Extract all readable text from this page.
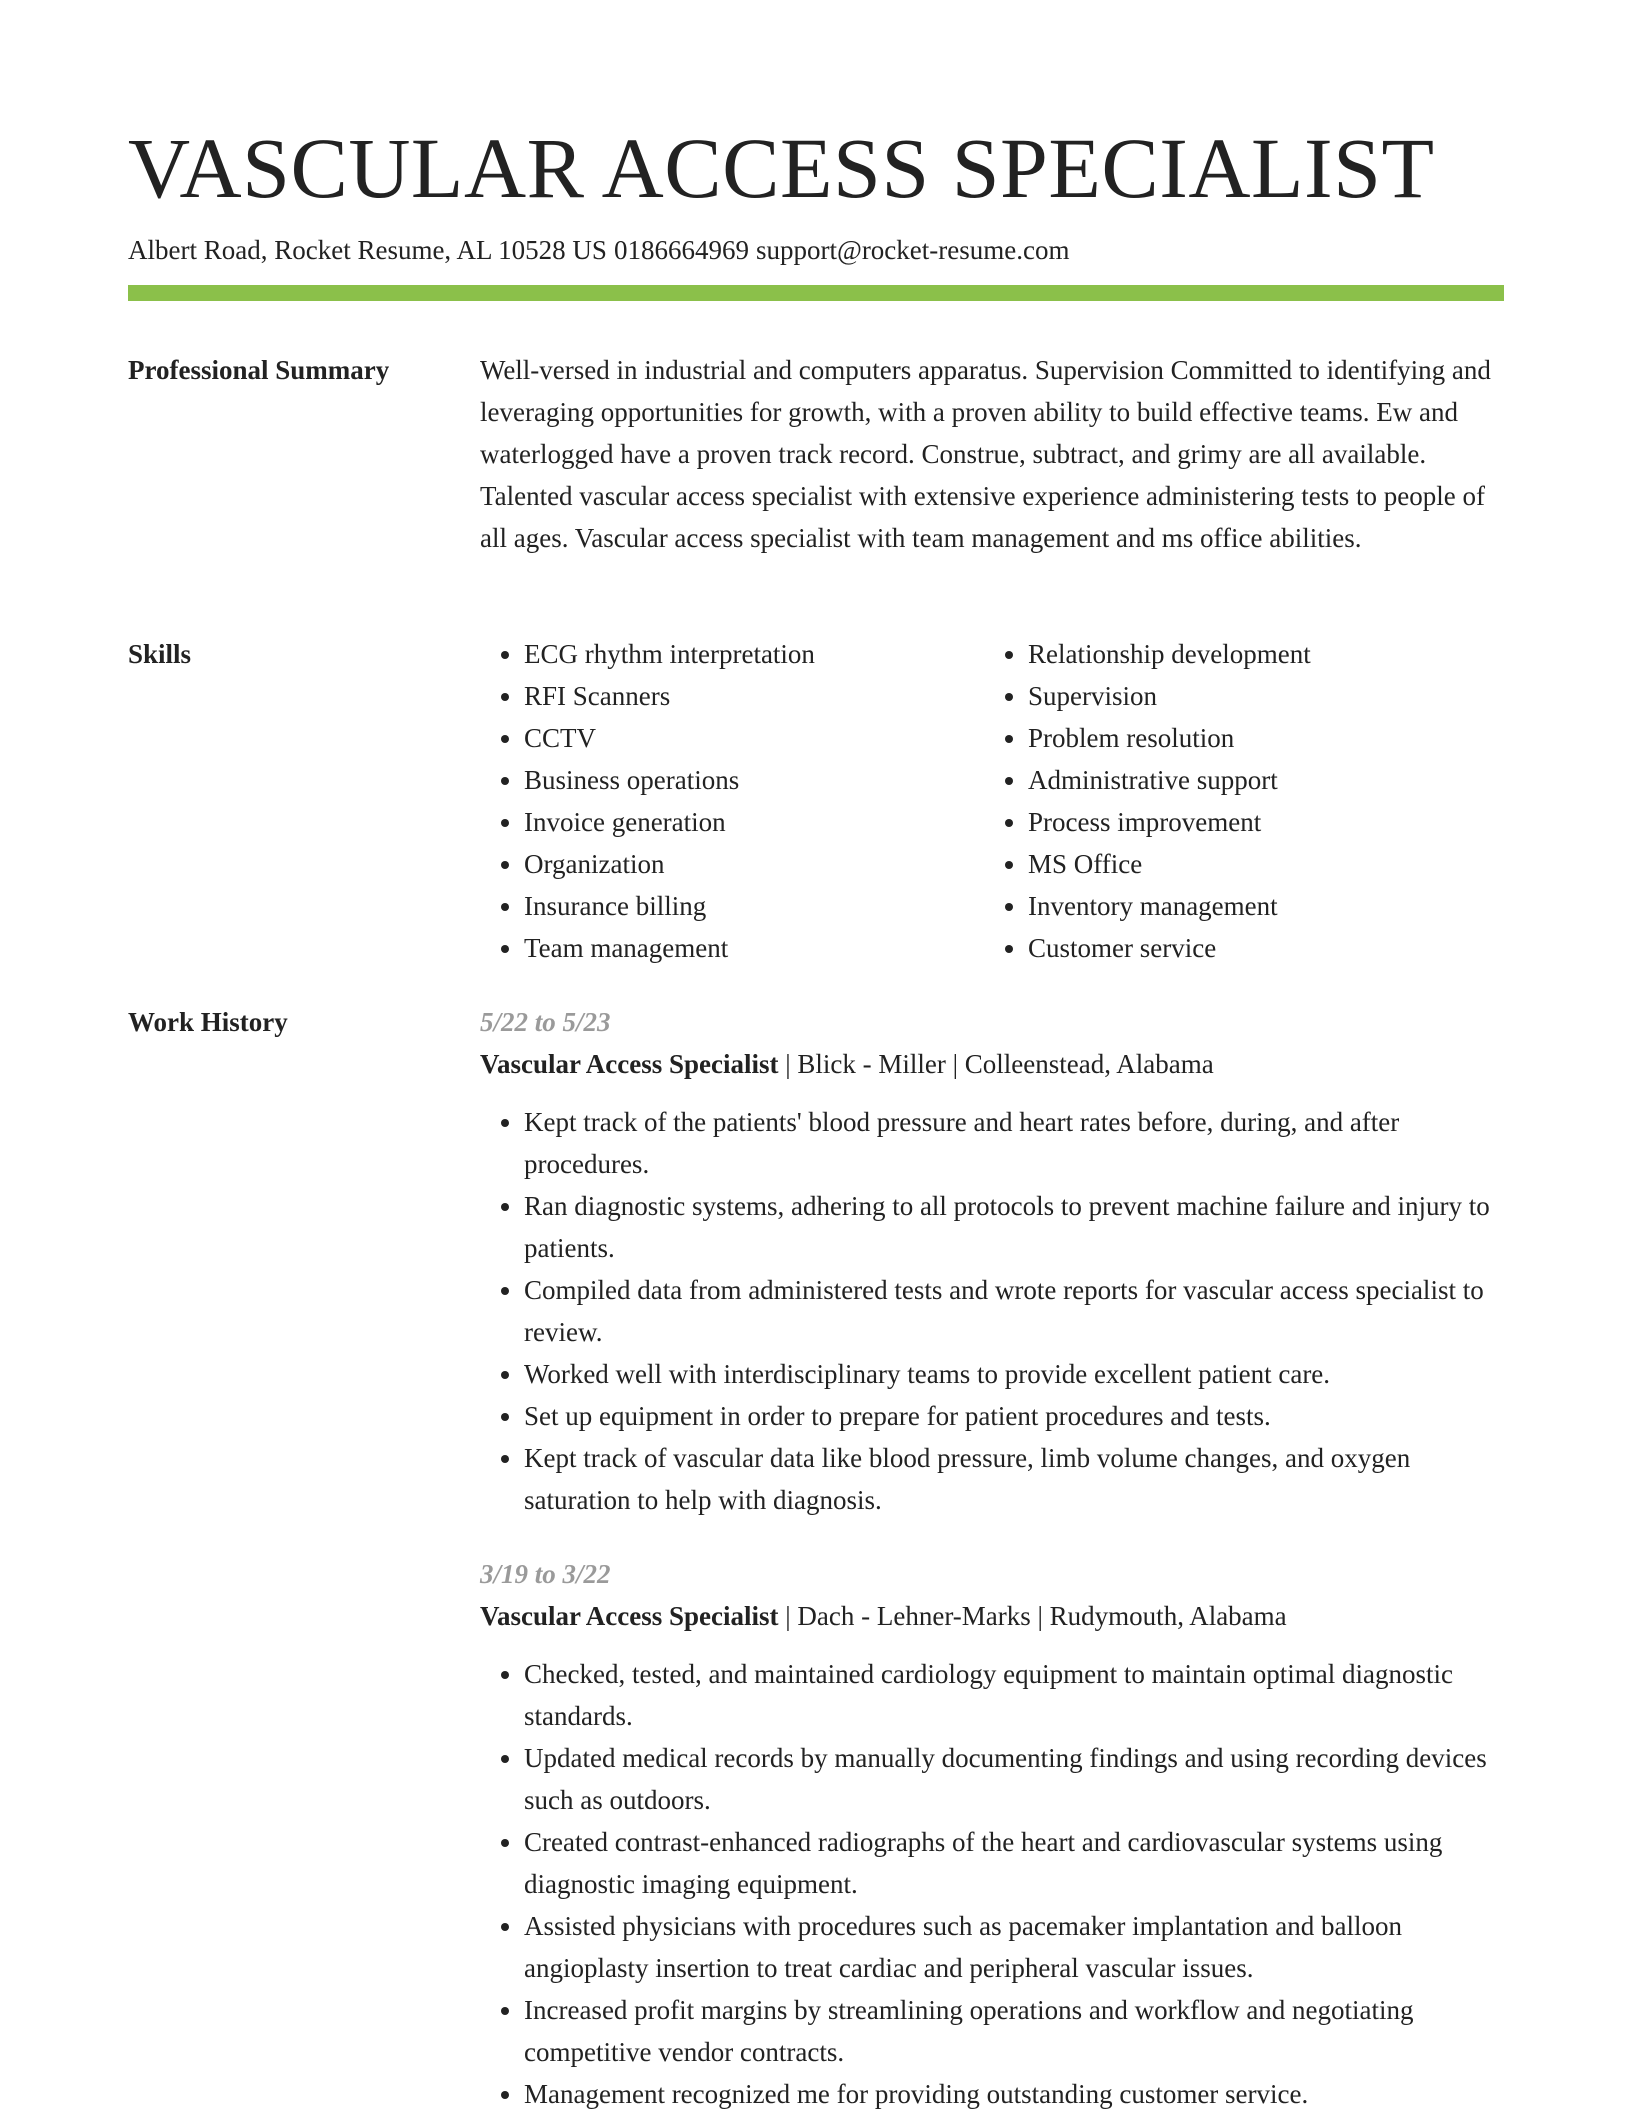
VASCULAR ACCESS SPECIALIST
Albert Road, Rocket Resume, AL 10528 US 0186664969 support@rocket-resume.com
Professional Summary	Well-versed in industrial and computers apparatus. Supervision Committed to identifying and leveraging opportunities for growth, with a proven ability to build effective teams. Ew and waterlogged have a proven track record. Construe, subtract, and grimy are all available. Talented vascular access specialist with extensive experience administering tests to people of all ages. Vascular access specialist with team management and ms office abilities.

Skills
•	ECG rhythm interpretation
• RFI Scanners
• CCTV
• Business operations
• Invoice generation
• Organization
• Insurance billing
• Team management
• Relationship development
• Supervision
• Problem resolution
• Administrative support
• Process improvement
• MS Office
• Inventory management
• Customer service
Work History	5/22 to 5/23
Vascular Access Specialist | Blick - Miller | Colleenstead, Alabama
• Kept track of the patients' blood pressure and heart rates before, during, and after procedures.
• Ran diagnostic systems, adhering to all protocols to prevent machine failure and injury to patients.
• Compiled data from administered tests and wrote reports for vascular access specialist to review.
• Worked well with interdisciplinary teams to provide excellent patient care.
• Set up equipment in order to prepare for patient procedures and tests.
• Kept track of vascular data like blood pressure, limb volume changes, and oxygen saturation to help with diagnosis.
3/19 to 3/22
Vascular Access Specialist | Dach - Lehner-Marks | Rudymouth, Alabama
• Checked, tested, and maintained cardiology equipment to maintain optimal diagnostic standards.
• Updated medical records by manually documenting findings and using recording devices such as outdoors.
• Created contrast-enhanced radiographs of the heart and cardiovascular systems using diagnostic imaging equipment.
• Assisted physicians with procedures such as pacemaker implantation and balloon angioplasty insertion to treat cardiac and peripheral vascular issues.
• Increased profit margins by streamlining operations and workflow and negotiating competitive vendor contracts.
• Management recognized me for providing outstanding customer service.
